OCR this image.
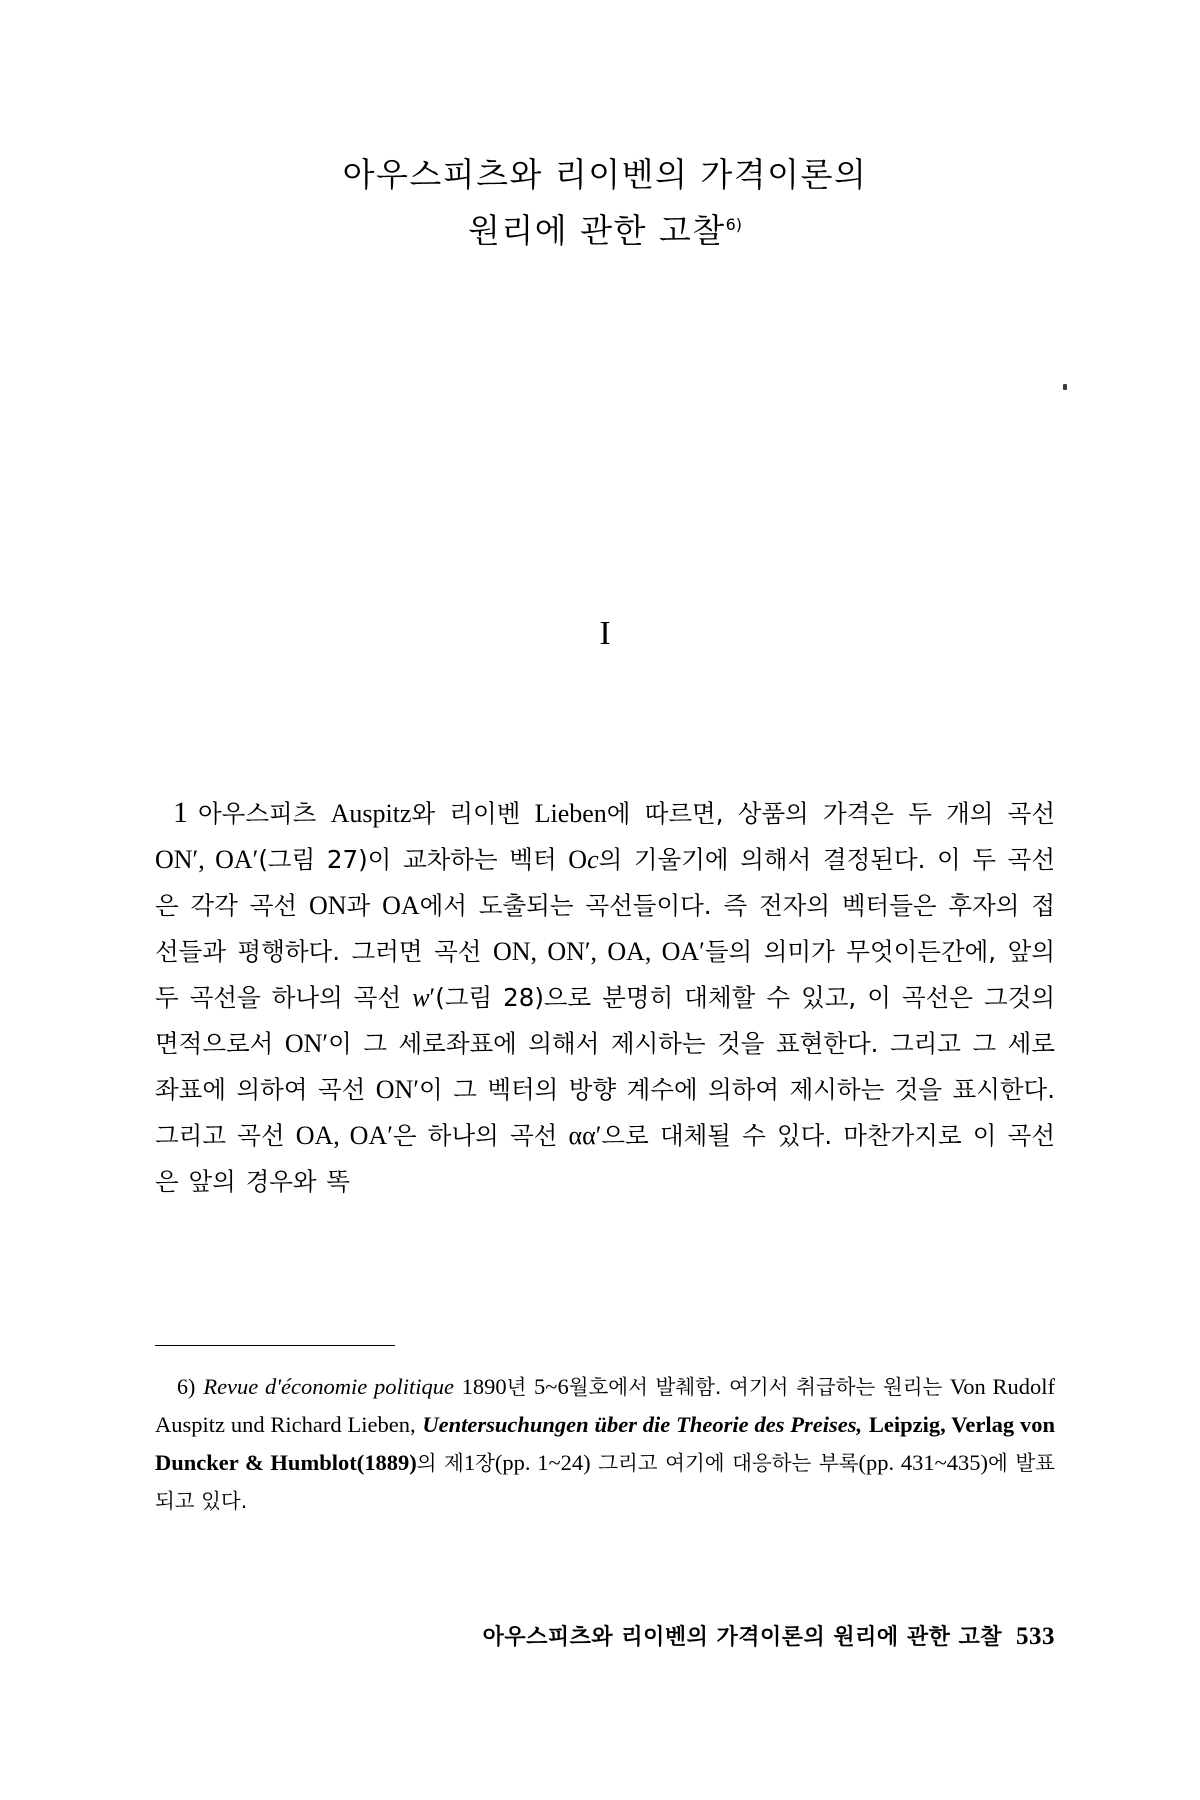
아우스피츠와 리이벤의 가격이론의
원리에 관한 고찰$^{6)}$
I

1 아우스피츠 Auspitz와 리이벤 Lieben에 따르면, 상품의 가격은 두 개의 곡선 ON′, OA′(그림 27)이 교차하는 벡터 Oc의 기울기에 의해서 결정된다. 이 두 곡선은 각각 곡선 ON과 OA에서 도출되는 곡선들이다. 즉 전자의 벡터들은 후자의 접선들과 평행하다. 그러면 곡선 ON, ON′, OA, OA′들의 의미가 무엇이든간에, 앞의 두 곡선을 하나의 곡선 w′(그림 28)으로 분명히 대체할 수 있고, 이 곡선은 그것의 면적으로서 ON′이 그 세로좌표에 의해서 제시하는 것을 표현한다. 그리고 그 세로좌표에 의하여 곡선 ON′이 그 벡터의 방향 계수에 의하여 제시하는 것을 표시한다. 그리고 곡선 OA, OA′은 하나의 곡선 αα′으로 대체될 수 있다. 마찬가지로 이 곡선은 앞의 경우와 똑

6) Revue d'économie politique 1890년 5~6월호에서 발췌함. 여기서 취급하는 원리는 Von Rudolf Auspitz und Richard Lieben, Uentersuchungen über die Theorie des Preises, Leipzig, Verlag von Duncker & Humblot(1889)의 제1장(pp. 1~24) 그리고 여기에 대응하는 부록(pp. 431~435)에 발표되고 있다.
아우스피츠와 리이벤의 가격이론의 원리에 관한 고찰 533
